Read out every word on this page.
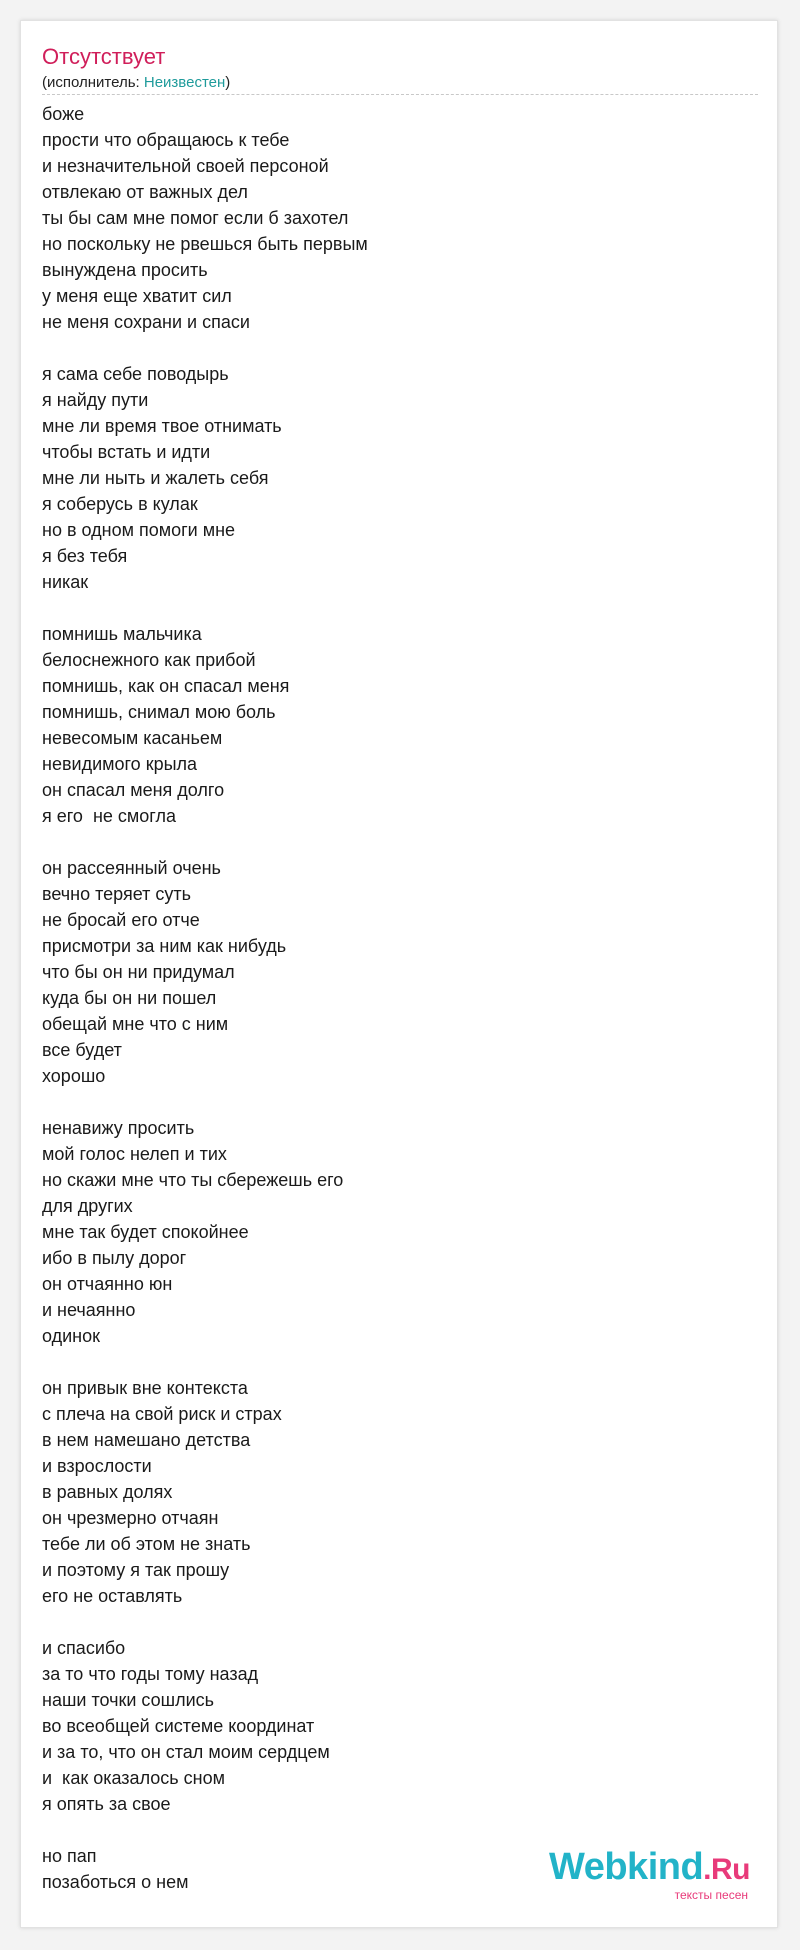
Отсутствует
(исполнитель: Неизвестен)
боже
прости что обращаюсь к тебе
и незначительной своей персоной
отвлекаю от важных дел
ты бы сам мне помог если б захотел
но поскольку не рвешься быть первым
вынуждена просить
у меня еще хватит сил
не меня сохрани и спаси
я сама себе поводырь
я найду пути
мне ли время твое отнимать
чтобы встать и идти
мне ли ныть и жалеть себя
я соберусь в кулак
но в одном помоги мне
я без тебя
никак
помнишь мальчика
белоснежного как прибой
помнишь, как он спасал меня
помнишь, снимал мою боль
невесомым касаньем
невидимого крыла
он спасал меня долго
я его  не смогла
он рассеянный очень
вечно теряет суть
не бросай его отче
присмотри за ним как нибудь
что бы он ни придумал
куда бы он ни пошел
обещай мне что с ним
все будет
хорошо
ненавижу просить
мой голос нелеп и тих
но скажи мне что ты сбережешь его
для других
мне так будет спокойнее
ибо в пылу дорог
он отчаянно юн
и нечаянно
одинок
он привык вне контекста
с плеча на свой риск и страх
в нем намешано детства
и взрослости
в равных долях
он чрезмерно отчаян
тебе ли об этом не знать
и поэтому я так прошу
его не оставлять
и спасибо
за то что годы тому назад
наши точки сошлись
во всеобщей системе координат
и за то, что он стал моим сердцем
и  как оказалось сном
я опять за свое
но пап
позаботься о нем	Webkind.Ru
тексты песен
